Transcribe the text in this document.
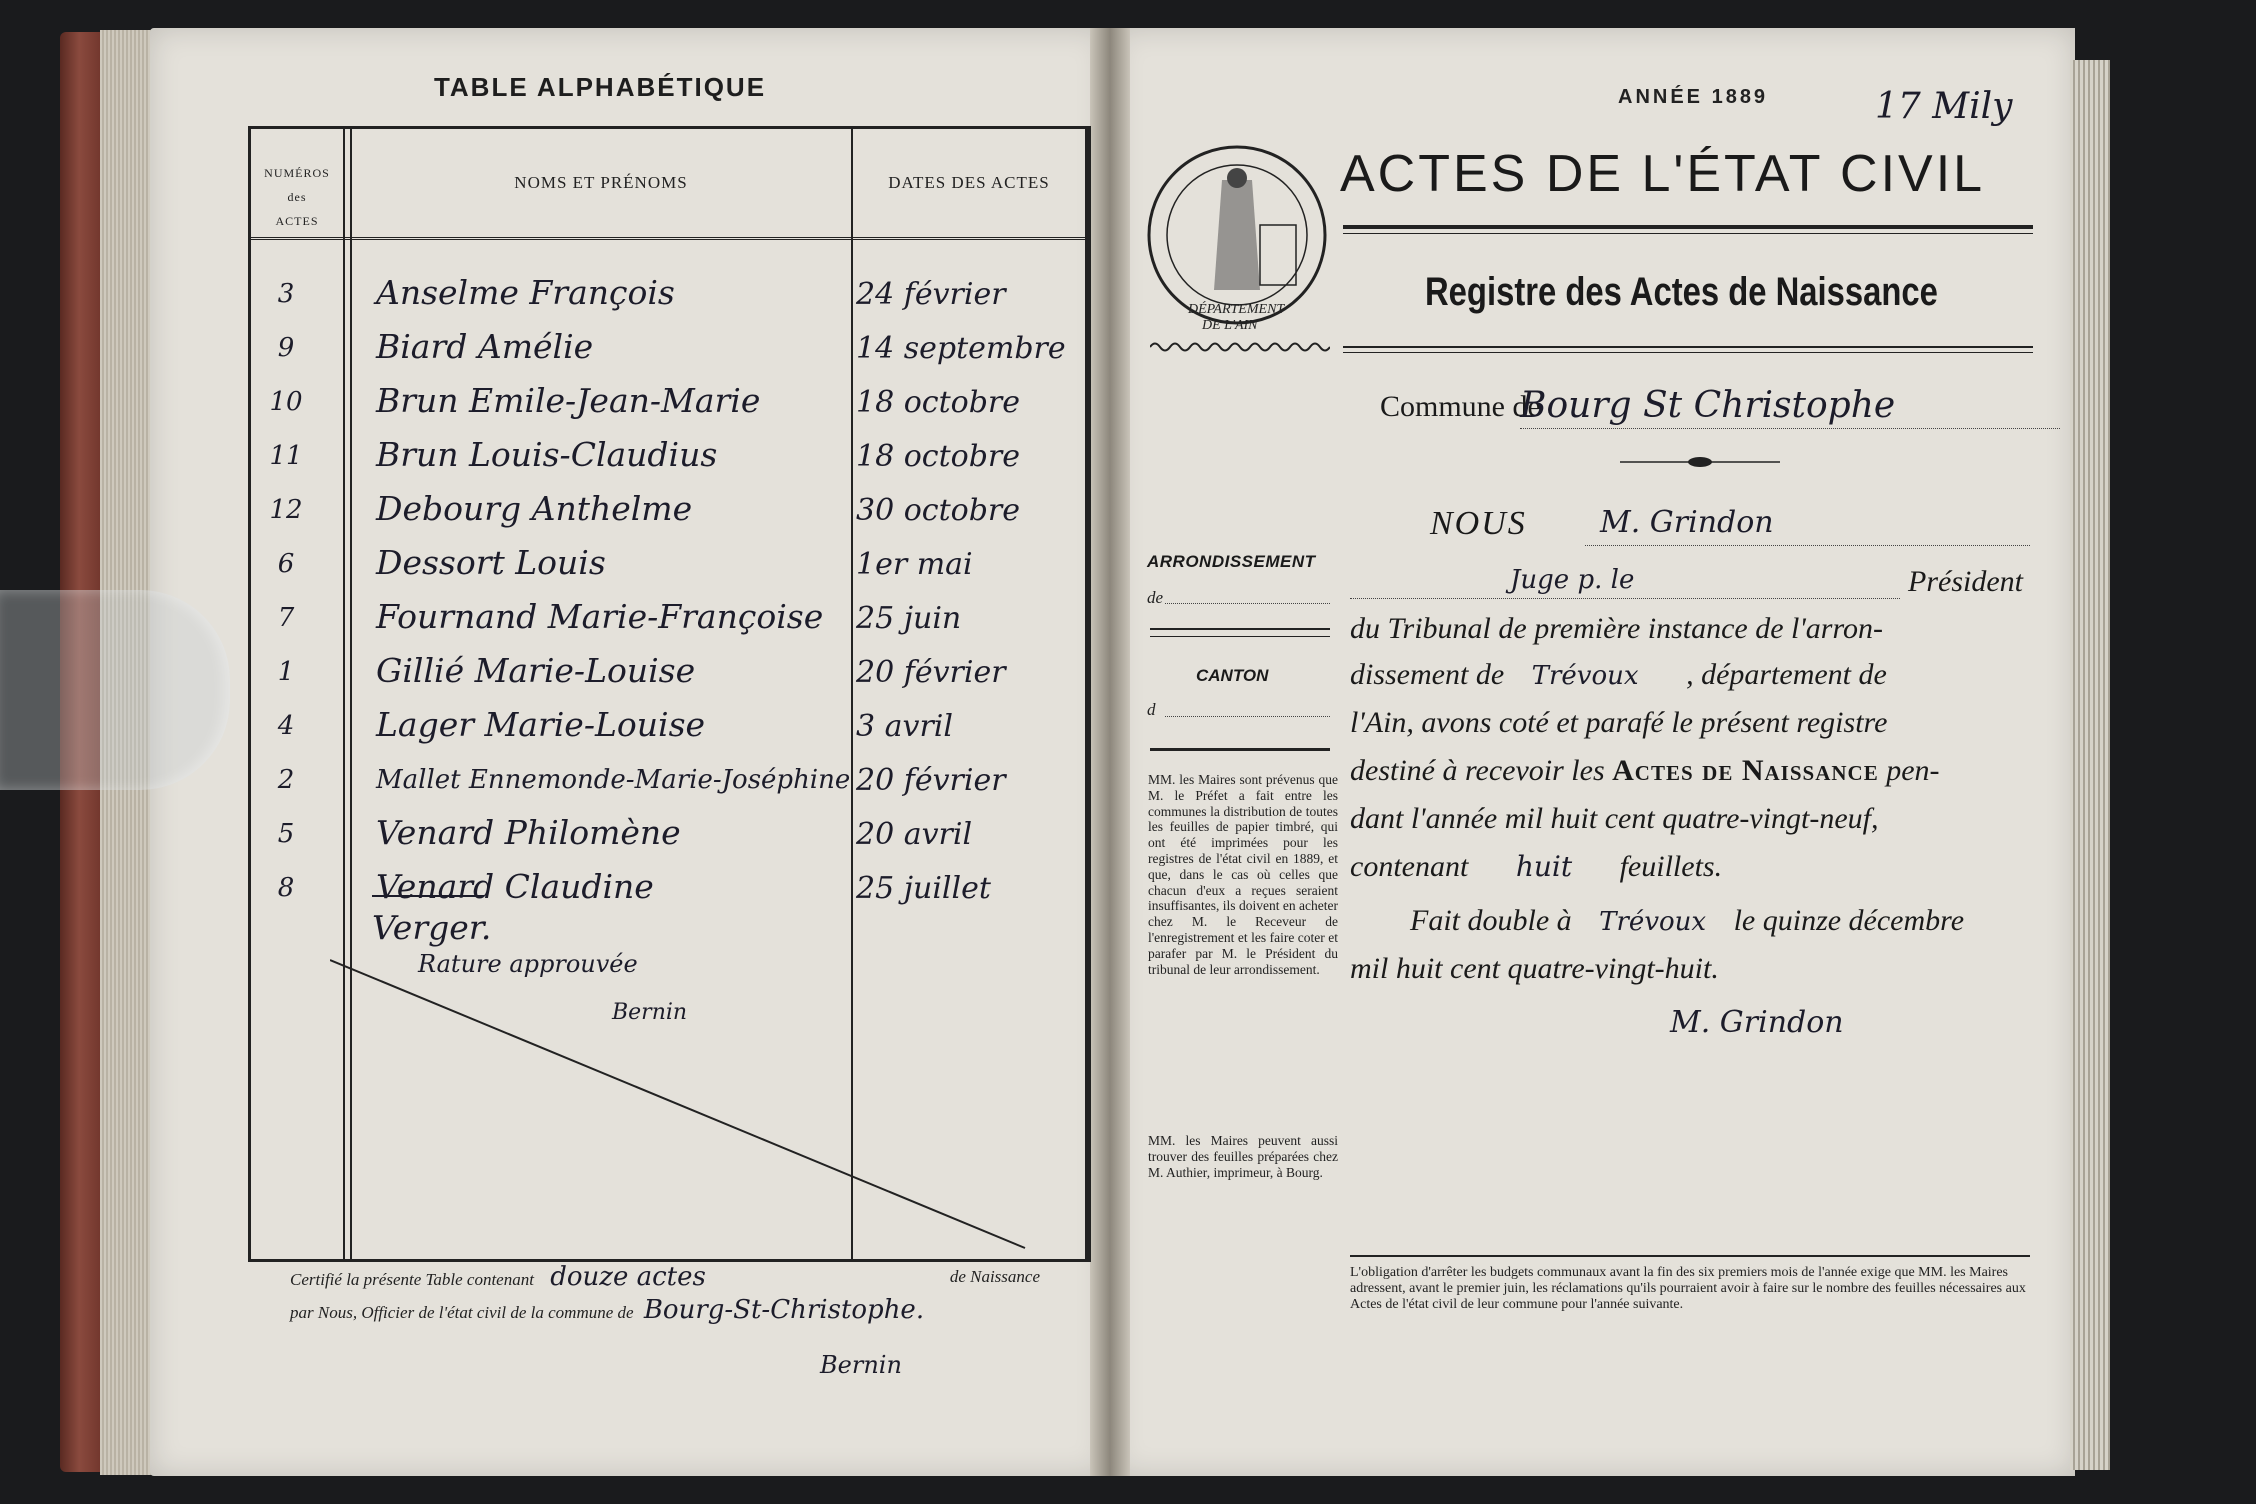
TABLE ALPHABÉTIQUE
NUMÉROS
des
ACTES
NOMS ET PRÉNOMS	DATES DES ACTES
3	Anselme François	24 février
9	Biard Amélie	14 septembre
10 Brun Emile-Jean-Marie	18 octobre
11 Brun Louis-Claudius	18 octobre
12 Debourg Anthelme	30 octobre
6	Dessort Louis	1er mai
7	Fournand Marie-Françoise	25 juin
1	Gillié Marie-Louise	20 février
4	Lager Marie-Louise	3 avril
2	Mallet Ennemonde-Marie-Joséphine 20 février
5	Venard Philomène	20 avril
8	Venard Claudine	25 juillet
Verger.
Rature approuvée
Bernin
Certifié la présente Table contenant douze actes	de Naissance
par Nous, Officier de l'état civil de la commune de Bourg-St-Christophe.
Bernin
ANNÉE 1889	17 Mily
DÉPARTEMENT
DE L'AIN
ACTES DE L'ÉTAT CIVIL
Registre des Actes de Naissance
Commune de
Bourg St Christophe
NOUS M. Grindon
Juge p. le	Président
du Tribunal de première instance de l'arron-
dissement de Trévoux , département de
l'Ain, avons coté et parafé le présent registre
destiné à recevoir les Actes de Naissance pen-
dant l'année mil huit cent quatre-vingt-neuf,
contenant huit feuillets.
Fait double à Trévoux le quinze décembre
mil huit cent quatre-vingt-huit.
M. Grindon
ARRONDISSEMENT
de
CANTON
d
MM. les Maires sont prévenus que M. le Préfet a fait entre les communes la distribution de toutes les feuilles de papier timbré, qui ont été imprimées pour les registres de l'état civil en 1889, et que, dans le cas où celles que chacun d'eux a reçues seraient insuffisantes, ils doivent en acheter chez M. le Receveur de l'enregistrement et les faire coter et parafer par M. le Président du tribunal de leur arrondissement.
MM. les Maires peuvent aussi trouver des feuilles préparées chez M. Authier, imprimeur, à Bourg.
L'obligation d'arrêter les budgets communaux avant la fin des six premiers mois de l'année exige que MM. les Maires adressent, avant le premier juin, les réclamations qu'ils pourraient avoir à faire sur le nombre des feuilles nécessaires aux Actes de l'état civil de leur commune pour l'année suivante.
